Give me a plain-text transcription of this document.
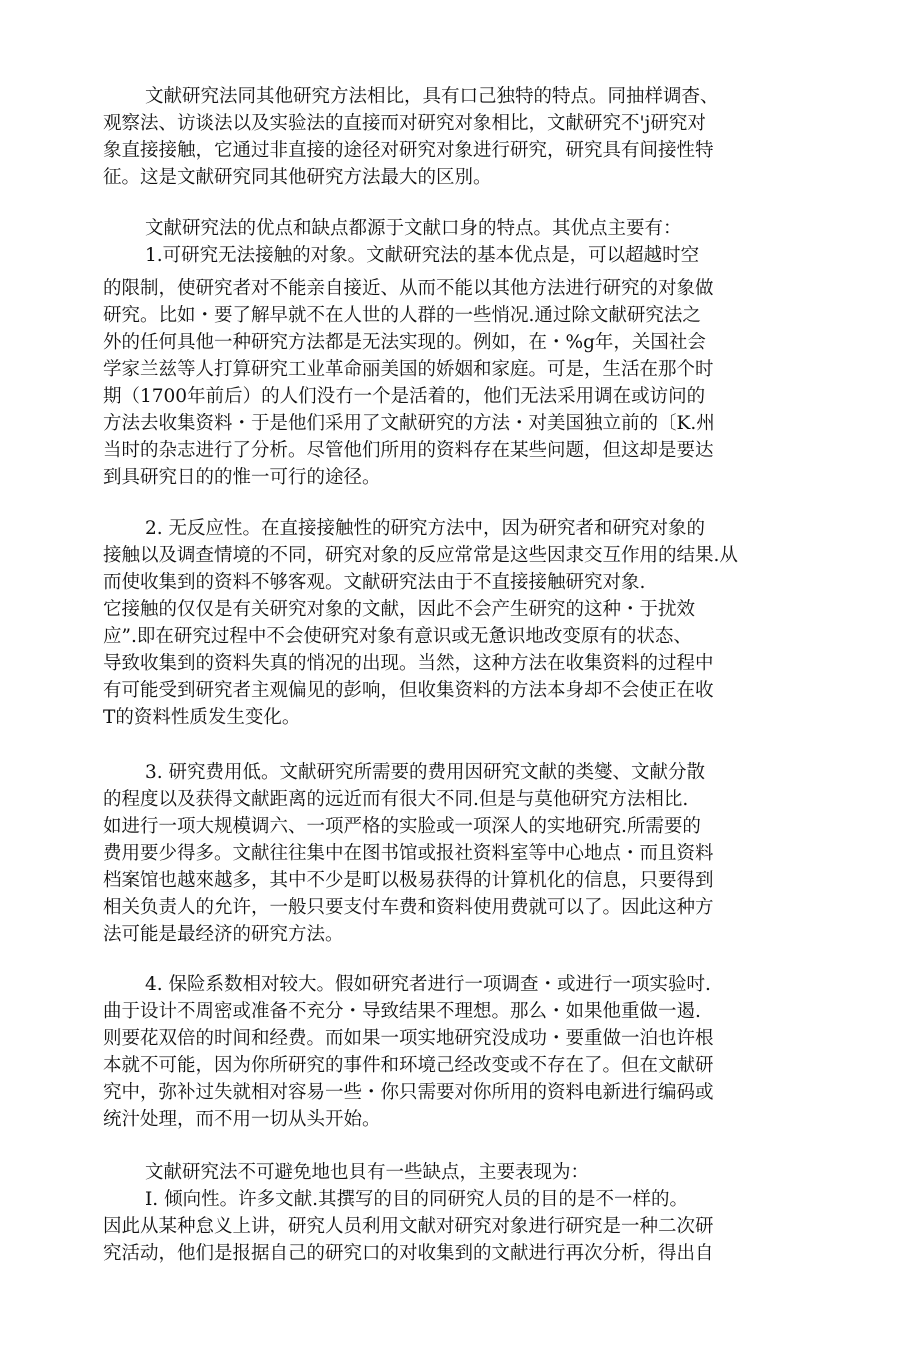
文献研究法同其他研究方法相比，具有口己独特的特点。同抽样调杳、
观察法、访谈法以及实验法的直接而对研究对象相比，文献研究不'j研究对
象直接接触，它通过非直接的途径对研究对象进行研究，研究具有间接性特
征。这是文献研究同其他研究方法最大的区別。
文献研究法的优点和缺点都源于文献口身的特点。其优点主要有：
1.可研究无法接触的对象。文献研究法的基本优点是，可以超越时空
的限制，使研究者对不能亲自接近、从而不能以其他方法进行研究的对象做
研究。比如・要了解早就不在人世的人群的一些悄况.通过除文献研究法之
外的任何具他一种研究方法都是无法实现的。例如，在・%g年，关国社会
学家兰兹等人打算研究工业革命丽美国的娇姻和家庭。可是，生活在那个时
期（1700年前后）的人们没冇一个是活着的，他们无法采用调在或访问的
方法去收集资料・于是他们采用了文献研究的方法・对美国独立前的〔K.州
当时的杂志进行了分析。尽管他们所用的资料存在某些问题，但这却是要达
到具研究日的的惟一可行的途径。
2. 无反应性。在直接接触性的研究方法中，因为研究者和研究对象的
接触以及调查情境的不同，研究对象的反应常常是这些因隶交互作用的结果.从
而使收集到的资料不够客观。文献研究法由于不直接接触研究对象.
它接触的仅仅是有关研究对象的文献，因此不会产生研究的这种・于扰效
应”.即在研究过程中不会使研究对象有意识或无惫识地改变原有的状态、
导致收集到的资料失真的悄况的出现。当然，这种方法在收集资料的过程中
有可能受到研究者主观偏见的彭响，但收集资料的方法本身却不会使正在收
T的资料性质发生变化。
3. 研究费用低。文献研究所需要的费用因研究文献的类燮、文献分散
的程度以及获得文献距离的远近而有很大不同.但是与莫他研究方法相比.
如进行一项大规模调六、一项严格的实脸或一项深人的实地研究.所需要的
费用要少得多。文献往往集中在图书馆或报社资料室等中心地点・而且资料
档案馆也越來越多，其中不少是町以极易获得的计算机化的信息，只要得到
相关负责人的允许，一般只要支付车费和资料使用费就可以了。因此这种方
法可能是最经济的研究方法。
4. 保险系数相对较大。假如研究者进行一项调查・或进行一项实验吋.
曲于设计不周密或准备不充分・导致结果不理想。那么・如果他重做一遏.
则要花双倍的时间和经费。而如果一项实地研究没成功・要重做一泊也许根
本就不可能，因为你所研究的事件和环境己经改变或不存在了。但在文献研
究中，弥补过失就相对容易一些・你只需要对你所用的资料电新进行编码或
统汁处理，而不用一切从头开始。
文献研究法不可避免地也貝有一些缺点，主要表现为：
I. 倾向性。许多文献.其撰写的目的同研究人员的目的是不一样的。
因此从某种怠义上讲，研究人员利用文献对研究对象进行研究是一种二次研
究活动，他们是报据自己的研究口的对收集到的文献进行再次分析，得出自
